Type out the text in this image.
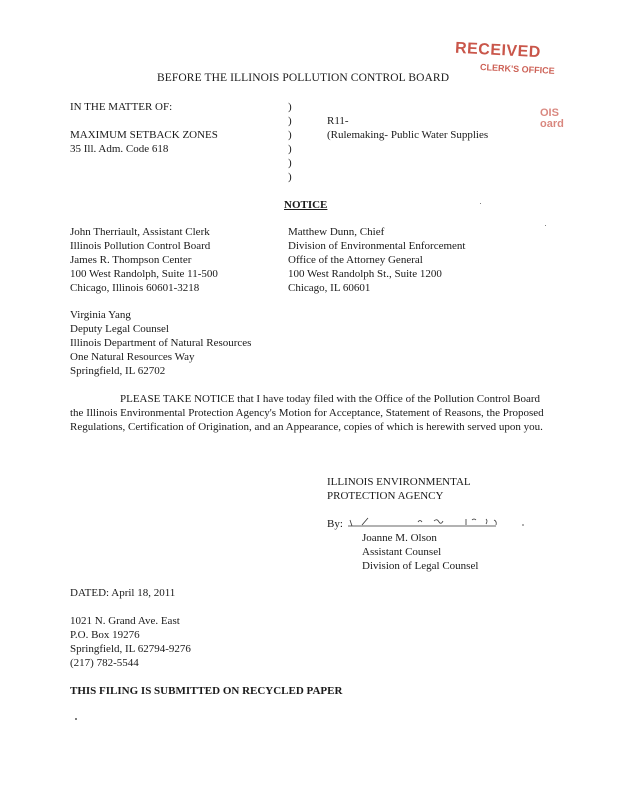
RECEIVED
CLERK'S OFFICE
OIS
oard
BEFORE THE ILLINOIS POLLUTION CONTROL BOARD
IN THE MATTER OF:
MAXIMUM SETBACK ZONES
35 Ill. Adm. Code 618
)
)
)
)
)
)
R11-
(Rulemaking- Public Water Supplies
NOTICE
John Therriault, Assistant Clerk
Illinois Pollution Control Board
James R. Thompson Center
100 West Randolph, Suite 11-500
Chicago, Illinois 60601-3218
Matthew Dunn, Chief
Division of Environmental Enforcement
Office of the Attorney General
100 West Randolph St., Suite 1200
Chicago, IL 60601
Virginia Yang
Deputy Legal Counsel
Illinois Department of Natural Resources
One Natural Resources Way
Springfield, IL 62702
PLEASE TAKE NOTICE that I have today filed with the Office of the Pollution Control Board the Illinois Environmental Protection Agency's Motion for Acceptance, Statement of Reasons, the Proposed Regulations, Certification of Origination, and an Appearance, copies of which is herewith served upon you.
ILLINOIS ENVIRONMENTAL
PROTECTION AGENCY
By:
Joanne M. Olson
Assistant Counsel
Division of Legal Counsel
DATED: April 18, 2011
1021 N. Grand Ave. East
P.O. Box 19276
Springfield, IL 62794-9276
(217) 782-5544
THIS FILING IS SUBMITTED ON RECYCLED PAPER
